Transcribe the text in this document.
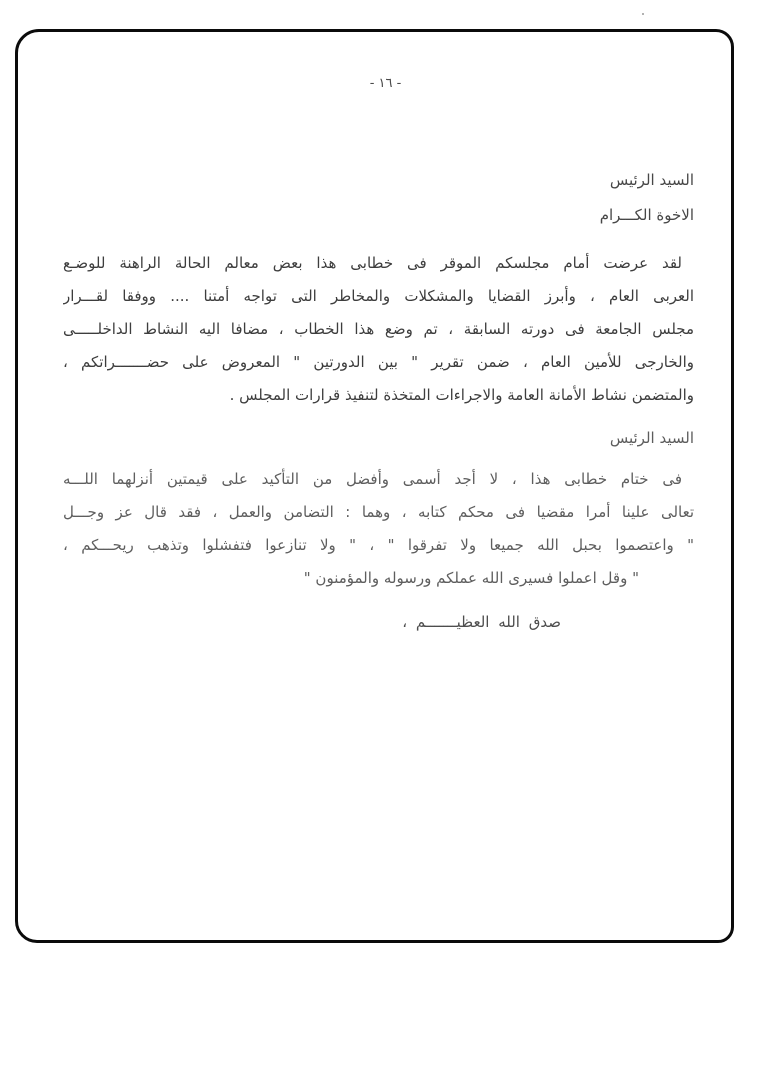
- ١٦ -
السيد الرئيس
الاخوة الكـــرام
لقد عرضت أمام مجلسكم الموقر فى خطابى هذا بعض معالم الحالة الراهنة للوضـع
العربى العام ، وأبرز القضايا والمشكلات والمخاطر التى تواجه أمتنا .... ووفقا لقـــرار
مجلس الجامعة فى دورته السابقة ، تم وضع هذا الخطاب ، مضافا اليه النشاط الداخلـــــى
والخارجى للأمين العام ، ضمن تقرير " بين الدورتين " المعروض على حضـــــــراتكم ،
والمتضمن نشاط الأمانة العامة والاجراءات المتخذة لتنفيذ قرارات المجلس .
السيد الرئيس
فى ختام خطابى هذا ، لا أجد أسمى وأفضل من التأكيد على قيمتين أنزلهما اللـــه
تعالى علينا أمرا مقضيا فى محكم كتابه ، وهما : التضامن والعمل ، فقد قال عز وجـــل
" واعتصموا بحبل الله جميعا ولا تفرقوا " ، " ولا تنازعوا فتفشلوا وتذهب ريحـــكم ،
" وقل اعملوا فسيرى الله عملكم ورسوله والمؤمنون "
صدق الله العظيـــــــم ،
